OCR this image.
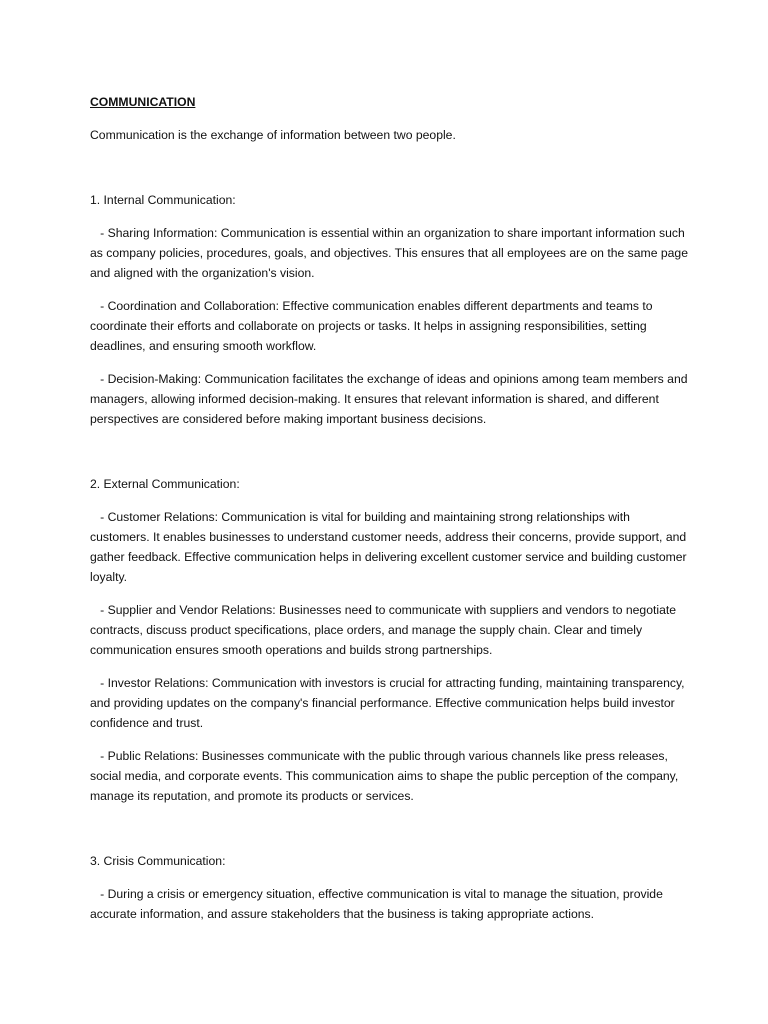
COMMUNICATION

Communication is the exchange of information between two people.

1. Internal Communication:

- Sharing Information: Communication is essential within an organization to share important information such as company policies, procedures, goals, and objectives. This ensures that all employees are on the same page and aligned with the organization's vision.

- Coordination and Collaboration: Effective communication enables different departments and teams to coordinate their efforts and collaborate on projects or tasks. It helps in assigning responsibilities, setting deadlines, and ensuring smooth workflow.

- Decision-Making: Communication facilitates the exchange of ideas and opinions among team members and managers, allowing informed decision-making. It ensures that relevant information is shared, and different perspectives are considered before making important business decisions.

2. External Communication:

- Customer Relations: Communication is vital for building and maintaining strong relationships with customers. It enables businesses to understand customer needs, address their concerns, provide support, and gather feedback. Effective communication helps in delivering excellent customer service and building customer loyalty.

- Supplier and Vendor Relations: Businesses need to communicate with suppliers and vendors to negotiate contracts, discuss product specifications, place orders, and manage the supply chain. Clear and timely communication ensures smooth operations and builds strong partnerships.

- Investor Relations: Communication with investors is crucial for attracting funding, maintaining transparency, and providing updates on the company's financial performance. Effective communication helps build investor confidence and trust.

- Public Relations: Businesses communicate with the public through various channels like press releases, social media, and corporate events. This communication aims to shape the public perception of the company, manage its reputation, and promote its products or services.

3. Crisis Communication:

- During a crisis or emergency situation, effective communication is vital to manage the situation, provide accurate information, and assure stakeholders that the business is taking appropriate actions.
